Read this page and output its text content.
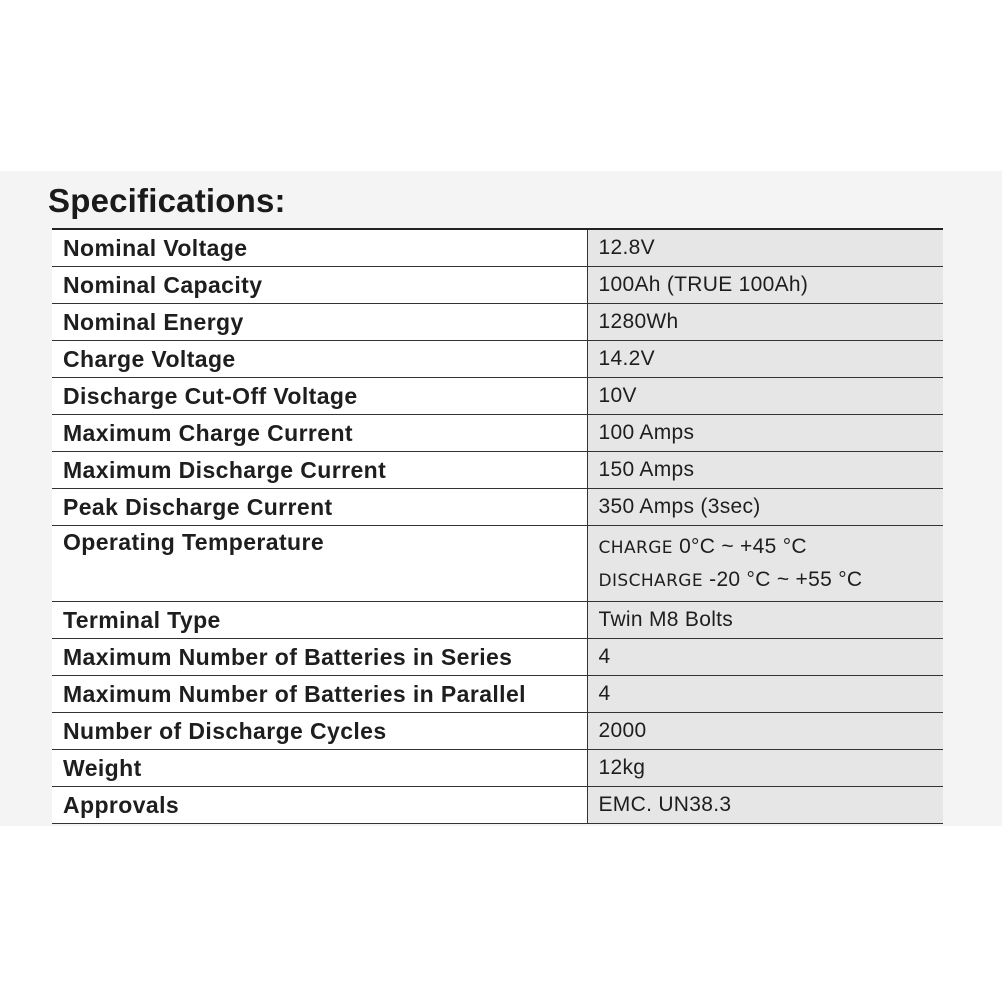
Specifications:
Nominal Voltage	12.8V
Nominal Capacity	100Ah (TRUE 100Ah)
Nominal Energy	1280Wh
Charge Voltage	14.2V
Discharge Cut-Off Voltage	10V
Maximum Charge Current	100 Amps
Maximum Discharge Current	150 Amps
Peak Discharge Current	350 Amps (3sec)
Operating Temperature	CHARGE 0°C ~ +45 °C
DISCHARGE -20 °C ~ +55 °C

Terminal Type	Twin M8 Bolts
Maximum Number of Batteries in Series	4
Maximum Number of Batteries in Parallel	4
Number of Discharge Cycles	2000
Weight	12kg
Approvals	EMC. UN38.3
